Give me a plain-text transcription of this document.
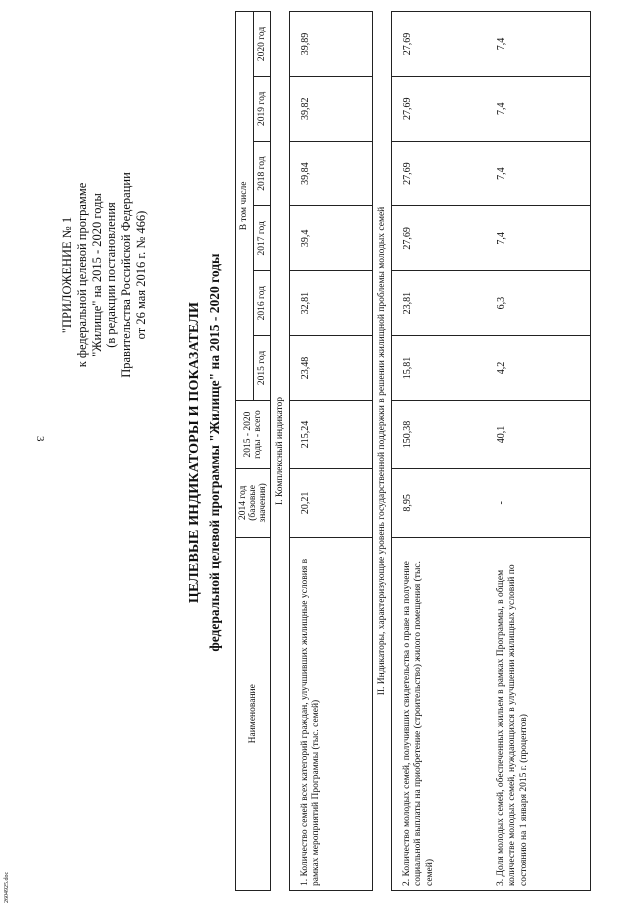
3
2604925.doc
"ПРИЛОЖЕНИЕ № 1 к федеральной целевой программе "Жилище" на 2015 - 2020 годы (в редакции постановления Правительства Российской Федерации от 26 мая 2016 г. № 466)
ЦЕЛЕВЫЕ ИНДИКАТОРЫ И ПОКАЗАТЕЛИ федеральной целевой программы "Жилище" на 2015 - 2020 годы
Наименование	2014 год (базовые значения)	2015 - 2020 годы - всего	В том числе					
			2015 год	2016 год	2017 год	2018 год	2019 год	2020 год
I. Комплексный индикатор								
1. Количество семей всех категорий граждан, улучшивших жилищные условия в рамках мероприятий Программы (тыс. семей)	20,21	215,24	23,48	32,81	39,4	39,84	39,82	39,89
II. Индикаторы, характеризующие уровень государственной поддержки в решении жилищной проблемы молодых семей								
2. Количество молодых семей, получивших свидетельства о праве на получение социальной выплаты на приобретение (строительство) жилого помещения (тыс. семей)	8,95	150,38	15,81	23,81	27,69	27,69	27,69	27,69
3. Доля молодых семей, обеспеченных жильем в рамках Программы, в общем количестве молодых семей, нуждающихся в улучшении жилищных условий по состоянию на 1 января 2015 г. (процентов)	-	40,1	4,2	6,3	7,4	7,4	7,4	7,4
